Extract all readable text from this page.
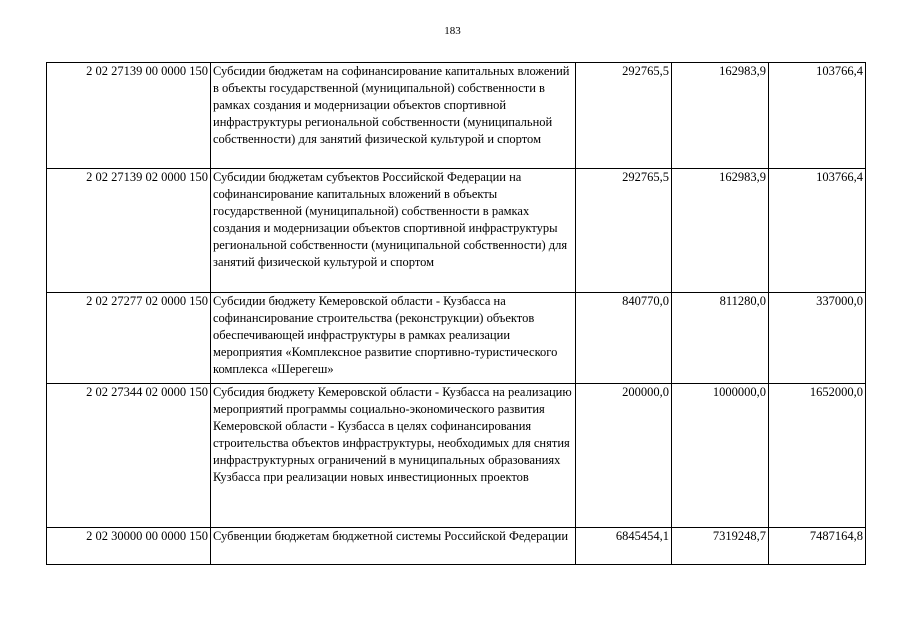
183
2 02 27139 00 0000 150	Субсидии бюджетам на софинансирование капитальных вложений в объекты государственной (муниципальной) собственности в рамках создания и модернизации объектов спортивной инфраструктуры региональной собственности (муниципальной собственности) для занятий физической культурой и спортом	292765,5	162983,9	103766,4
2 02 27139 02 0000 150	Субсидии бюджетам субъектов Российской Федерации на софинансирование капитальных вложений в объекты государственной (муниципальной) собственности в рамках создания и модернизации объектов спортивной инфраструктуры региональной собственности (муниципальной собственности) для занятий физической культурой и спортом	292765,5	162983,9	103766,4
2 02 27277 02 0000 150	Субсидии бюджету Кемеровской области - Кузбасса на софинансирование строительства (реконструкции) объектов обеспечивающей инфраструктуры в рамках реализации мероприятия «Комплексное развитие спортивно-туристического комплекса «Шерегеш»	840770,0	811280,0	337000,0
2 02 27344 02 0000 150	Субсидия бюджету Кемеровской области - Кузбасса на реализацию мероприятий программы социально-экономического развития Кемеровской области - Кузбасса в целях софинансирования строительства объектов инфраструктуры, необходимых для снятия инфраструктурных ограничений в муниципальных образованиях Кузбасса при реализации новых инвестиционных проектов	200000,0	1000000,0	1652000,0
2 02 30000 00 0000 150	Субвенции бюджетам бюджетной системы Российской Федерации	6845454,1	7319248,7	7487164,8
